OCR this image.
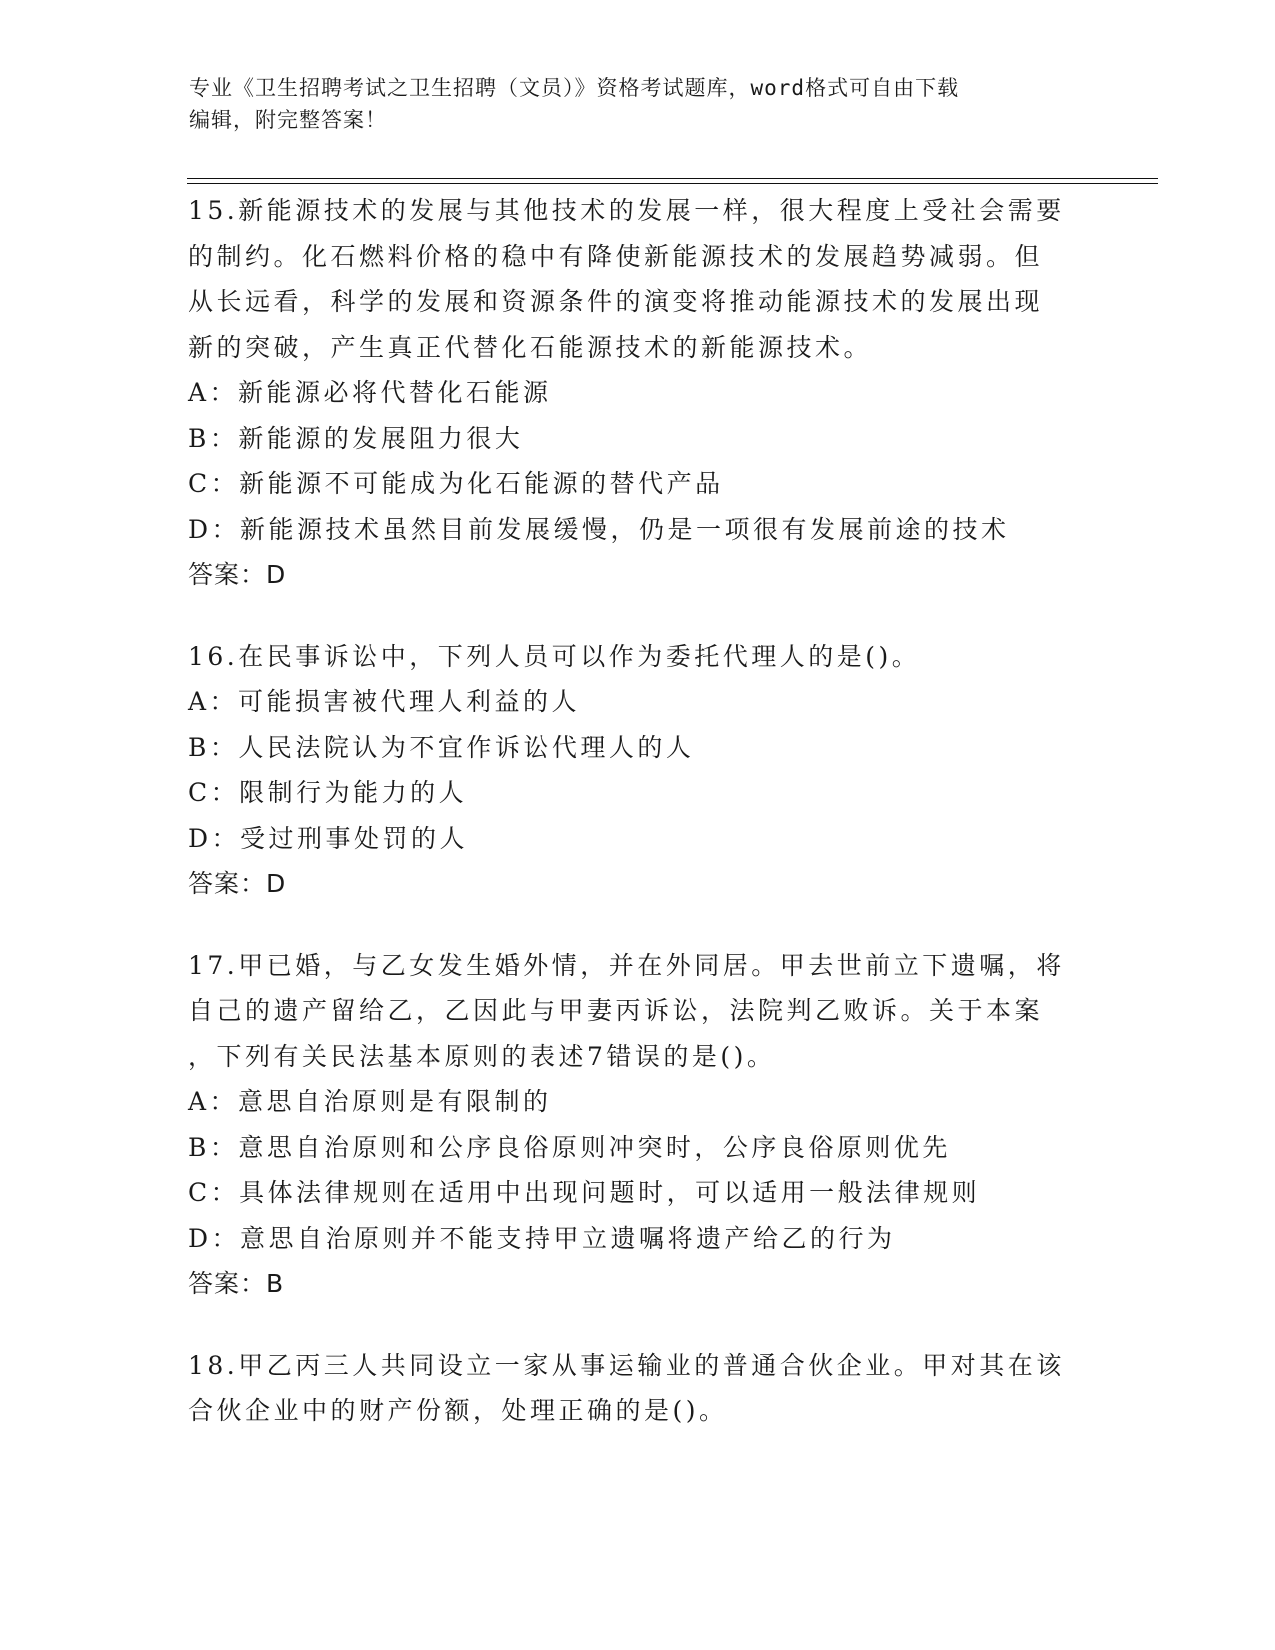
专业《卫生招聘考试之卫生招聘（文员）》资格考试题库，word格式可自由下载
编辑，附完整答案！
15.新能源技术的发展与其他技术的发展一样，很大程度上受社会需要
的制约。化石燃料价格的稳中有降使新能源技术的发展趋势减弱。但
从长远看，科学的发展和资源条件的演变将推动能源技术的发展出现
新的突破，产生真正代替化石能源技术的新能源技术。
A：新能源必将代替化石能源
B：新能源的发展阻力很大
C：新能源不可能成为化石能源的替代产品
D：新能源技术虽然目前发展缓慢，仍是一项很有发展前途的技术
答案：D
16.在民事诉讼中，下列人员可以作为委托代理人的是()。
A：可能损害被代理人利益的人
B：人民法院认为不宜作诉讼代理人的人
C：限制行为能力的人
D：受过刑事处罚的人
答案：D
17.甲已婚，与乙女发生婚外情，并在外同居。甲去世前立下遗嘱，将
自己的遗产留给乙，乙因此与甲妻丙诉讼，法院判乙败诉。关于本案
，下列有关民法基本原则的表述7错误的是()。
A：意思自治原则是有限制的
B：意思自治原则和公序良俗原则冲突时，公序良俗原则优先
C：具体法律规则在适用中出现问题时，可以适用一般法律规则
D：意思自治原则并不能支持甲立遗嘱将遗产给乙的行为
答案：B
18.甲乙丙三人共同设立一家从事运输业的普通合伙企业。甲对其在该
合伙企业中的财产份额，处理正确的是()。
